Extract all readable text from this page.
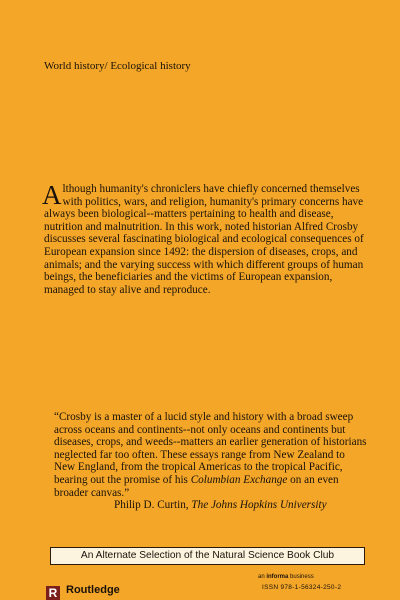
World history/ Ecological history
A lthough humanity's chroniclers have chiefly concerned themselves with politics, wars, and religion, humanity's primary concerns have always been biological--matters pertaining to health and disease, nutrition and malnutrition. In this work, noted historian Alfred Crosby discusses several fascinating biological and ecological consequences of European expansion since 1492: the dispersion of diseases, crops, and animals; and the varying success with which different groups of human beings, the beneficiaries and the victims of European expansion, managed to stay alive and reproduce.

“Crosby is a master of a lucid style and history with a broad sweep across oceans and continents--not only oceans and continents but diseases, crops, and weeds--matters an earlier generation of historians neglected far too often. These essays range from New Zealand to New England, from the tropical Americas to the tropical Pacific, bearing out the promise of his Columbian Exchange on an even broader canvas.”

Philip D. Curtin, The Johns Hopkins University
An Alternate Selection of the Natural Science Book Club
an informa business
ISSN 978-1-56324-250-2
R Routledge
